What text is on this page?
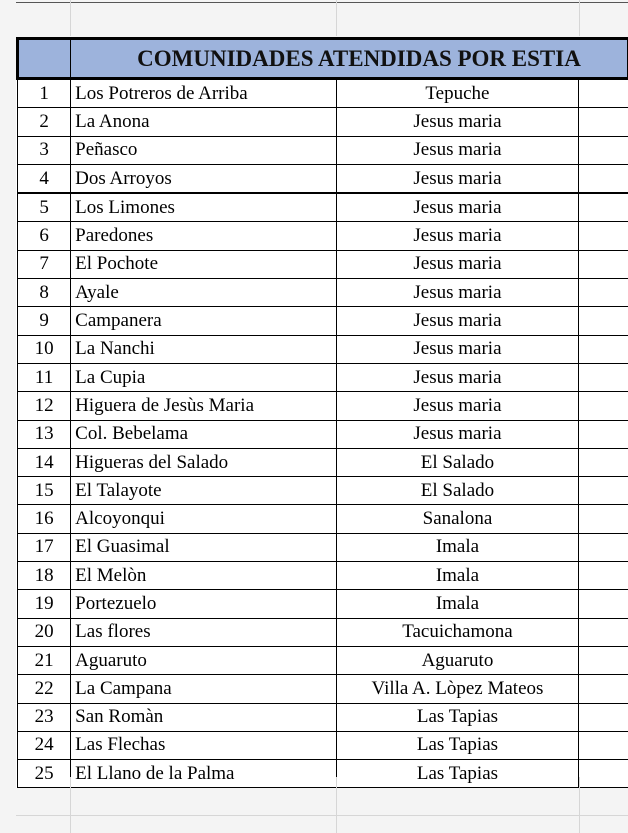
	COMUNIDADES ATENDIDAS POR ESTIA		
1	Los Potreros de Arriba	Tepuche	
2	La Anona	Jesus maria	
3	Peñasco	Jesus maria	
4	Dos Arroyos	Jesus maria	
5	Los Limones	Jesus maria	
6	Paredones	Jesus maria	
7	El Pochote	Jesus maria	
8	Ayale	Jesus maria	
9	Campanera	Jesus maria	
10	La Nanchi	Jesus maria	
11	La Cupia	Jesus maria	
12	Higuera de Jesùs Maria	Jesus maria	
13	Col. Bebelama	Jesus maria	
14	Higueras del Salado	El Salado	
15	El Talayote	El Salado	
16	Alcoyonqui	Sanalona	
17	El Guasimal	Imala	
18	El Melòn	Imala	
19	Portezuelo	Imala	
20	Las flores	Tacuichamona	
21	Aguaruto	Aguaruto	
22	La Campana	Villa A. Lòpez Mateos	
23	San Romàn	Las Tapias	
24	Las Flechas	Las Tapias	
25	El Llano de la Palma	Las Tapias	
